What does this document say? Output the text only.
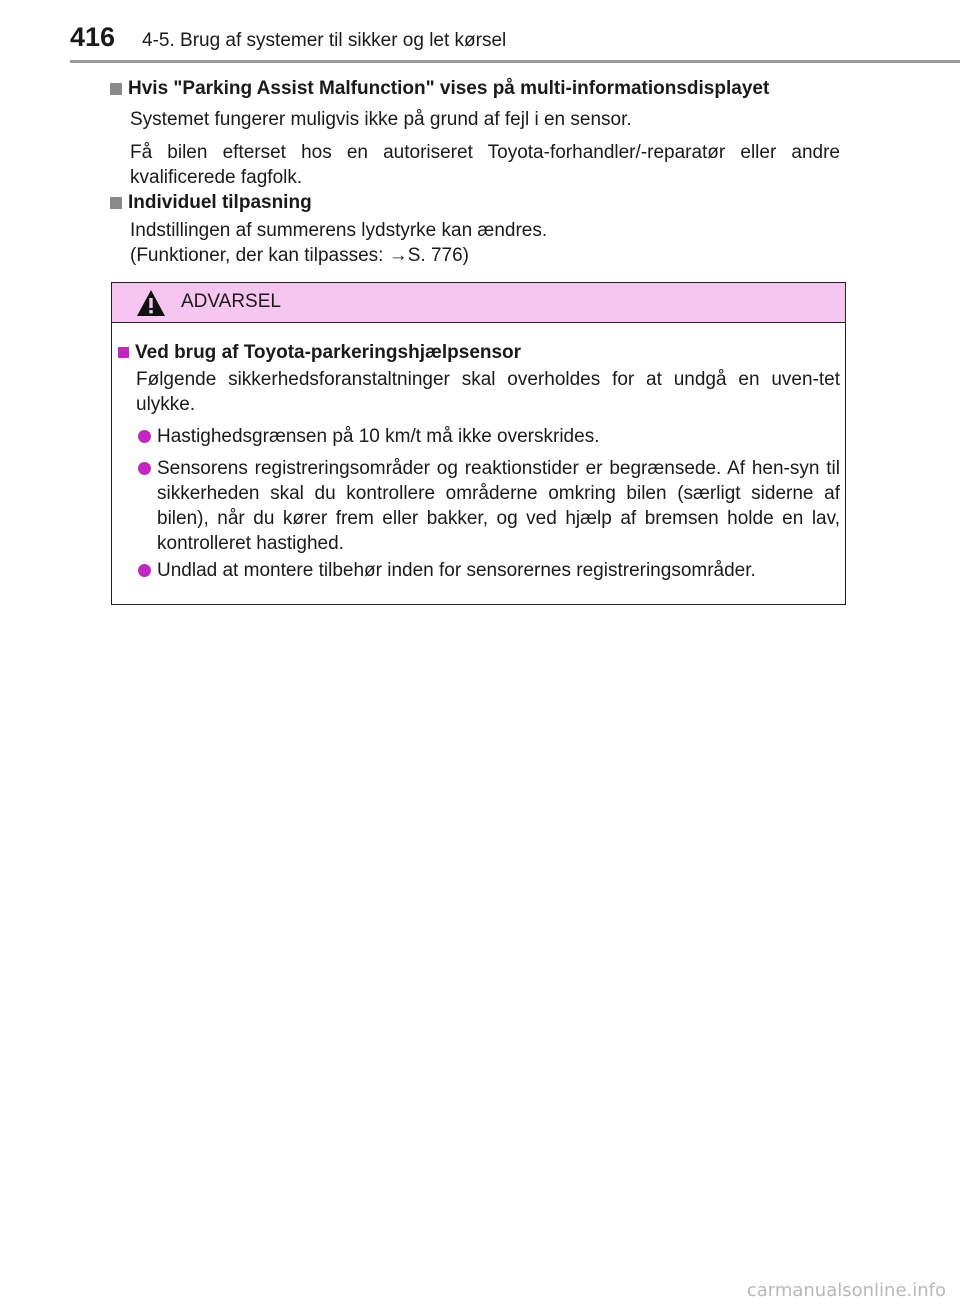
416 4-5. Brug af systemer til sikker og let kørsel
Hvis "Parking Assist Malfunction" vises på multi-informationsdisplayet
Systemet fungerer muligvis ikke på grund af fejl i en sensor.
Få bilen efterset hos en autoriseret Toyota-forhandler/-reparatør eller andre kvalificerede fagfolk.
Individuel tilpasning
Indstillingen af summerens lydstyrke kan ændres.
(Funktioner, der kan tilpasses: →S. 776)
ADVARSEL
Ved brug af Toyota-parkeringshjælpsensor
Følgende sikkerhedsforanstaltninger skal overholdes for at undgå en uven-tet ulykke.
Hastighedsgrænsen på 10 km/t må ikke overskrides.
Sensorens registreringsområder og reaktionstider er begrænsede. Af hen-syn til sikkerheden skal du kontrollere områderne omkring bilen (særligt siderne af bilen), når du kører frem eller bakker, og ved hjælp af bremsen holde en lav, kontrolleret hastighed.
Undlad at montere tilbehør inden for sensorernes registreringsområder.
carmanualsonline.info
